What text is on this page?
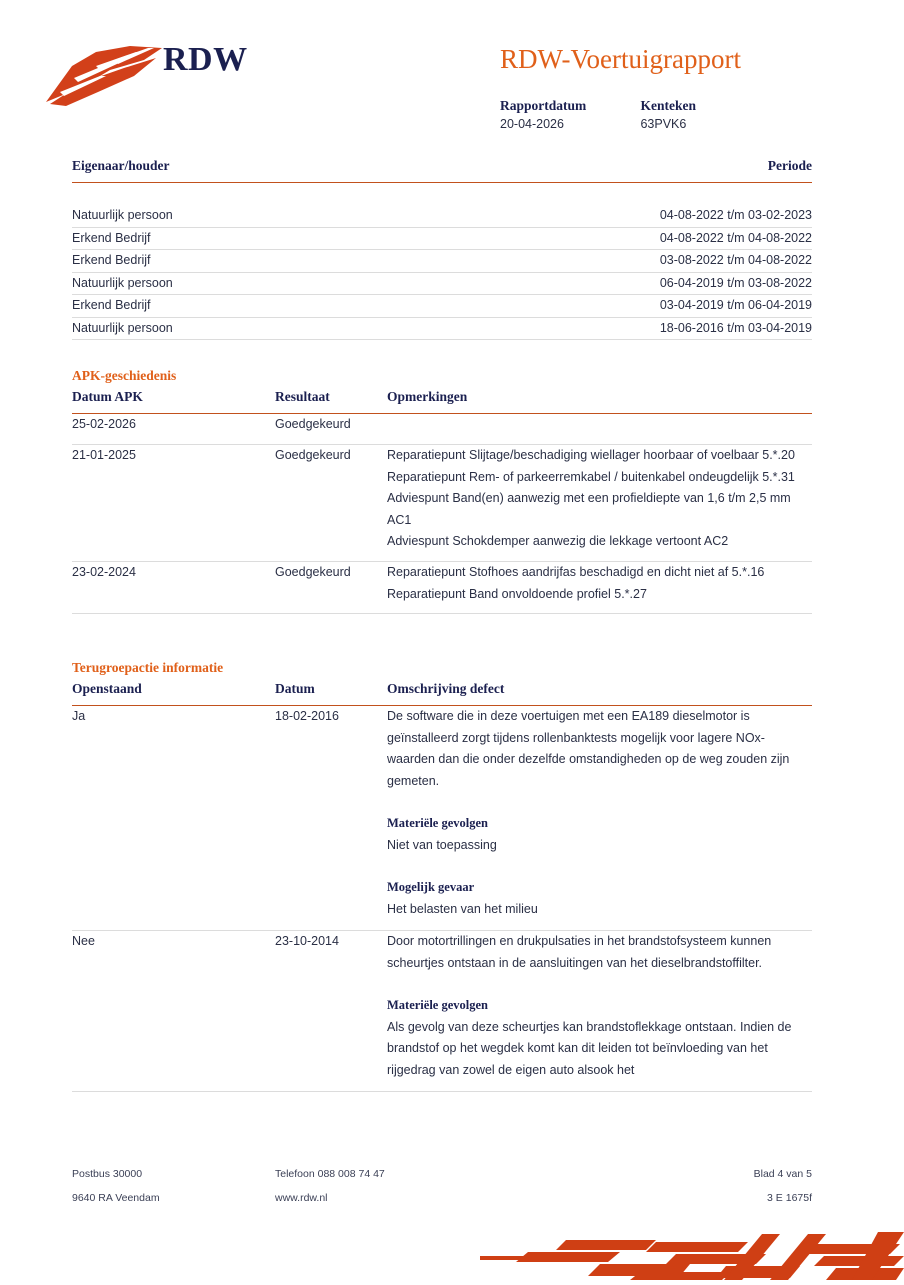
RDW	RDW-Voertuigrapport
Rapportdatum
20-04-2026

Kenteken
63PVK6
Eigenaar/houder	Periode
Natuurlijk persoon	04-08-2022 t/m 03-02-2023
Erkend Bedrijf	04-08-2022 t/m 04-08-2022
Erkend Bedrijf	03-08-2022 t/m 04-08-2022
Natuurlijk persoon	06-04-2019 t/m 03-08-2022
Erkend Bedrijf	03-04-2019 t/m 06-04-2019
Natuurlijk persoon	18-06-2016 t/m 03-04-2019
APK-geschiedenis
Datum APK	Resultaat	Opmerkingen
25-02-2026	Goedgekeurd

21-01-2025	Goedgekeurd	Reparatiepunt Slijtage/beschadiging wiellager hoorbaar of voelbaar 5.*.20
Reparatiepunt Rem- of parkeerremkabel / buitenkabel ondeugdelijk 5.*.31
Adviespunt Band(en) aanwezig met een profieldiepte van 1,6 t/m 2,5 mm AC1
Adviespunt Schokdemper aanwezig die lekkage vertoont AC2
23-02-2024	Goedgekeurd	Reparatiepunt Stofhoes aandrijfas beschadigd en dicht niet af 5.*.16
Reparatiepunt Band onvoldoende profiel 5.*.27
Terugroepactie informatie
Openstaand	Datum	Omschrijving defect
Ja	18-02-2016	De software die in deze voertuigen met een EA189 dieselmotor is geïnstalleerd zorgt tijdens rollenbanktests mogelijk voor lagere NOx-waarden dan die onder dezelfde omstandigheden op de weg zouden zijn gemeten.
Materiële gevolgen
Niet van toepassing
Mogelijk gevaar
Het belasten van het milieu
Nee	23-10-2014	Door motortrillingen en drukpulsaties in het brandstofsysteem kunnen scheurtjes ontstaan in de aansluitingen van het dieselbrandstoffilter.
Materiële gevolgen
Als gevolg van deze scheurtjes kan brandstoflekkage ontstaan. Indien de brandstof op het wegdek komt kan dit leiden tot beïnvloeding van het rijgedrag van zowel de eigen auto alsook het
Postbus 30000	Telefoon 088 008 74 47	Blad 4 van 5
9640 RA Veendam	www.rdw.nl	3 E 1675f
